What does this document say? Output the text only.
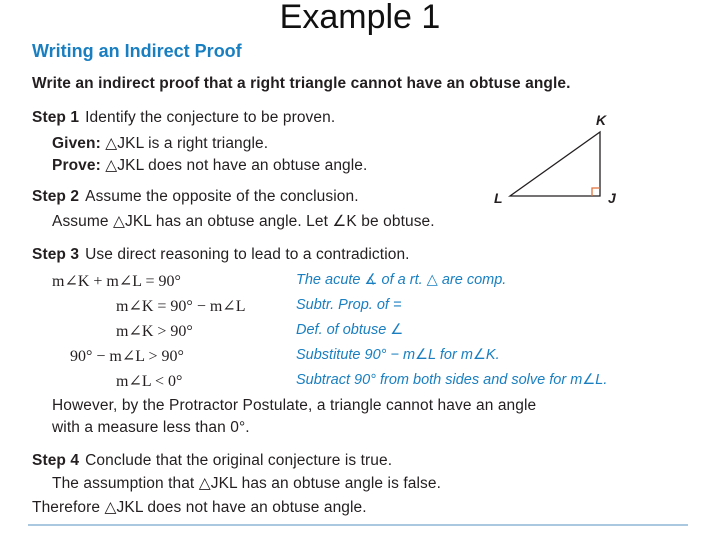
Example 1
Writing an Indirect Proof
Write an indirect proof that a right triangle cannot have an obtuse angle.
Step 1 Identify the conjecture to be proven.
Given: △JKL is a right triangle.
Prove: △JKL does not have an obtuse angle.
K
L	J
Step 2 Assume the opposite of the conclusion.
Assume △JKL has an obtuse angle. Let ∠K be obtuse.
Step 3 Use direct reasoning to lead to a contradiction.
m∠K + m∠L = 90°	The acute ∡ of a rt. △ are comp.
m∠K = 90° − m∠L	Subtr. Prop. of =
m∠K > 90°	Def. of obtuse ∠
90° − m∠L > 90°	Substitute 90° − m∠L for m∠K.
m∠L < 0°	Subtract 90° from both sides and solve for m∠L.
However, by the Protractor Postulate, a triangle cannot have an angle
with a measure less than 0°.
Step 4 Conclude that the original conjecture is true.
The assumption that △JKL has an obtuse angle is false.
Therefore △JKL does not have an obtuse angle.
